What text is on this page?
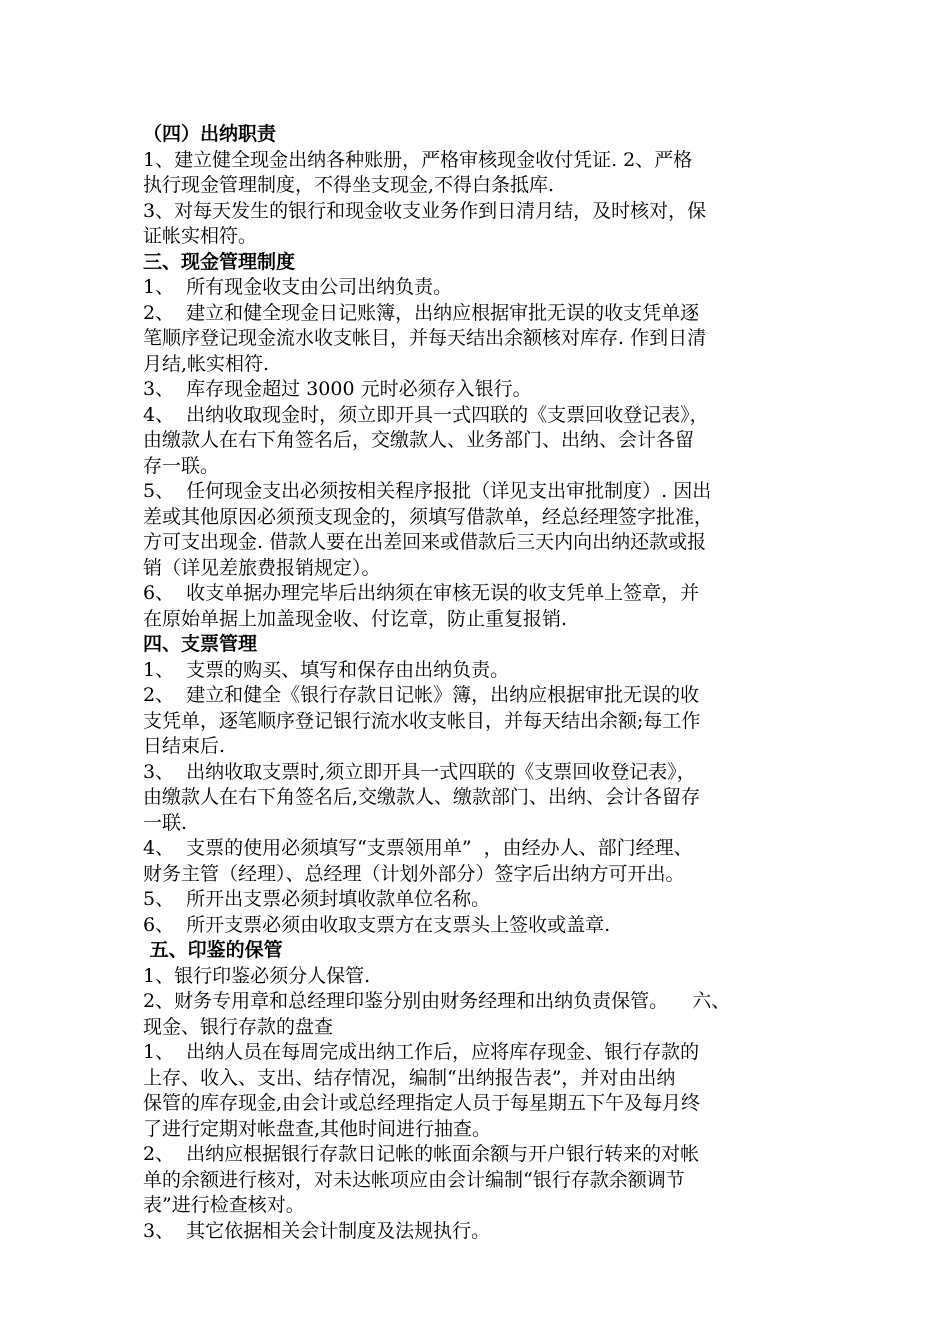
（四）出纳职责
1、建立健全现金出纳各种账册，严格审核现金收付凭证. 2、严格
执行现金管理制度，不得坐支现金,不得白条抵库.
3、对每天发生的银行和现金收支业务作到日清月结，及时核对，保
证帐实相符。
三、现金管理制度
1、  所有现金收支由公司出纳负责。
2、  建立和健全现金日记账簿，出纳应根据审批无误的收支凭单逐
笔顺序登记现金流水收支帐目，并每天结出余额核对库存. 作到日清
月结,帐实相符.
3、  库存现金超过 3000 元时必须存入银行。
4、  出纳收取现金时，须立即开具一式四联的《支票回收登记表》，
由缴款人在右下角签名后，交缴款人、业务部门、出纳、会计各留
存一联。
5、  任何现金支出必须按相关程序报批（详见支出审批制度）. 因出
差或其他原因必须预支现金的，须填写借款单，经总经理签字批准，
方可支出现金. 借款人要在出差回来或借款后三天内向出纳还款或报
销（详见差旅费报销规定）。
6、  收支单据办理完毕后出纳须在审核无误的收支凭单上签章，并
在原始单据上加盖现金收、付讫章，防止重复报销.
四、支票管理
1、  支票的购买、填写和保存由出纳负责。
2、  建立和健全《银行存款日记帐》簿，出纳应根据审批无误的收
支凭单，逐笔顺序登记银行流水收支帐目，并每天结出余额;每工作
日结束后.
3、  出纳收取支票时,须立即开具一式四联的《支票回收登记表》，
由缴款人在右下角签名后,交缴款人、缴款部门、出纳、会计各留存
一联.
4、  支票的使用必须填写“支票领用单”  ，由经办人、部门经理、
财务主管（经理）、总经理（计划外部分）签字后出纳方可开出。
5、  所开出支票必须封填收款单位名称。
6、  所开支票必须由收取支票方在支票头上签收或盖章.
五、印鉴的保管
1、银行印鉴必须分人保管.
2、财务专用章和总经理印鉴分别由财务经理和出纳负责保管。    六、
现金、银行存款的盘查
1、  出纳人员在每周完成出纳工作后，应将库存现金、银行存款的
上存、收入、支出、结存情况，编制“出纳报告表”，并对由出纳
保管的库存现金,由会计或总经理指定人员于每星期五下午及每月终
了进行定期对帐盘查,其他时间进行抽查。
2、  出纳应根据银行存款日记帐的帐面余额与开户银行转来的对帐
单的余额进行核对，对未达帐项应由会计编制“银行存款余额调节
表”进行检查核对。
3、  其它依据相关会计制度及法规执行。
